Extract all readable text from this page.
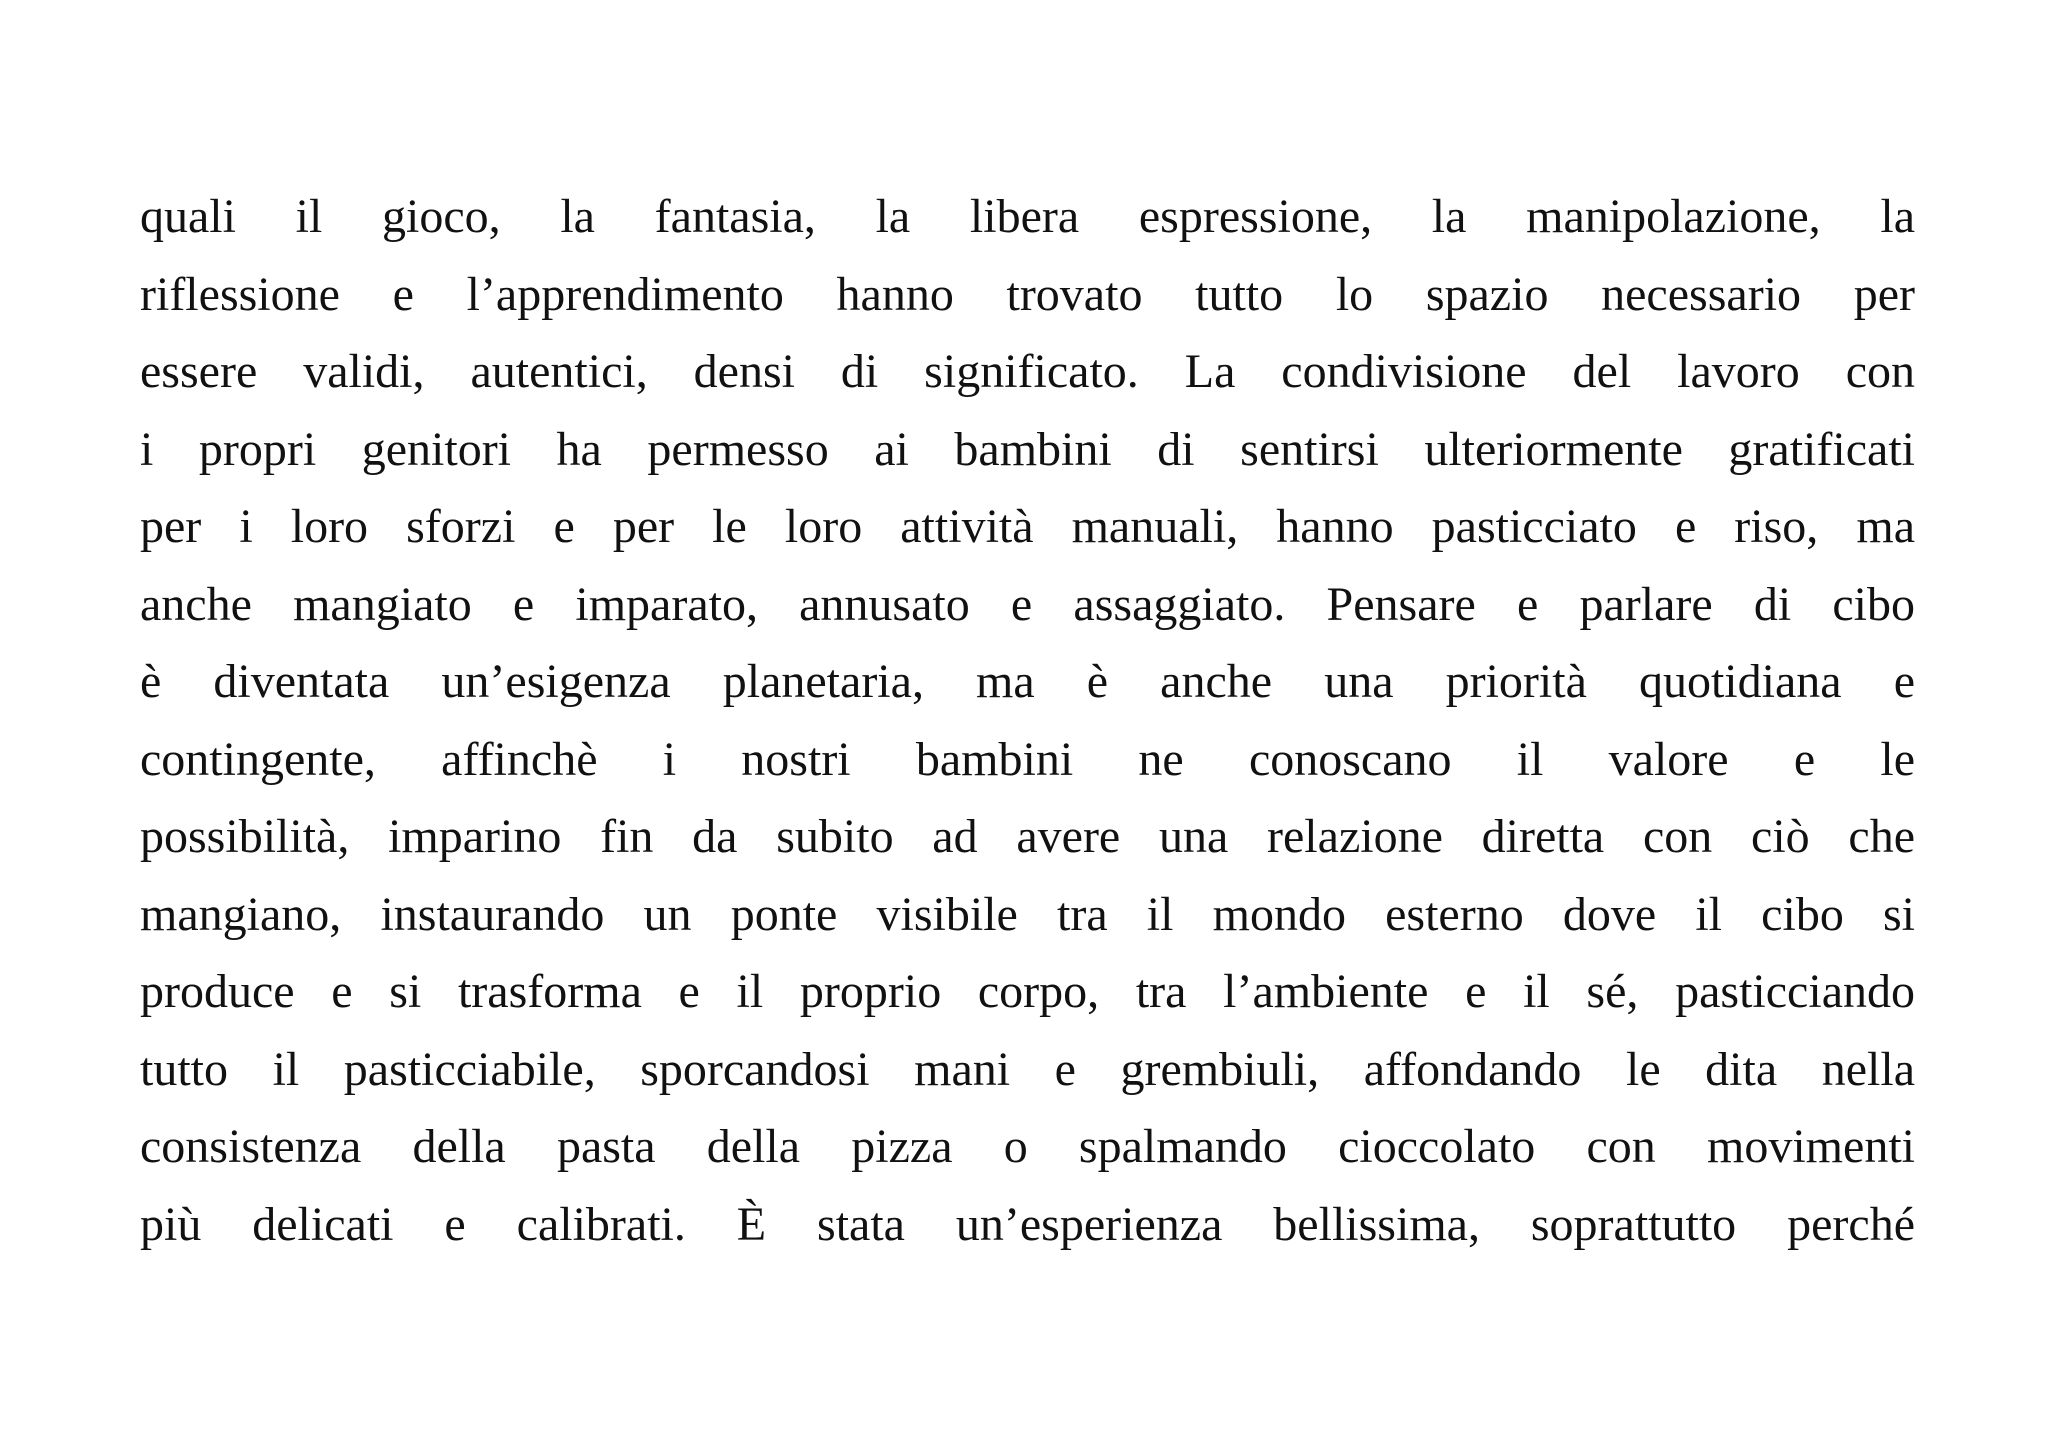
quali il gioco, la fantasia, la libera espressione, la manipolazione, la
riflessione e l’apprendimento hanno trovato tutto lo spazio necessario per
essere validi, autentici, densi di significato. La condivisione del lavoro con
i propri genitori ha permesso ai bambini di sentirsi ulteriormente gratificati
per i loro sforzi e per le loro attività manuali, hanno pasticciato e riso, ma
anche mangiato e imparato, annusato e assaggiato. Pensare e parlare di cibo
è diventata un’esigenza planetaria, ma è anche una priorità quotidiana e
contingente, affinchè i nostri bambini ne conoscano il valore e le
possibilità, imparino fin da subito ad avere una relazione diretta con ciò che
mangiano, instaurando un ponte visibile tra il mondo esterno dove il cibo si
produce e si trasforma e il proprio corpo, tra l’ambiente e il sé, pasticciando
tutto il pasticciabile, sporcandosi mani e grembiuli, affondando le dita nella
consistenza della pasta della pizza o spalmando cioccolato con movimenti
più delicati e calibrati. È stata un’esperienza bellissima, soprattutto perché
